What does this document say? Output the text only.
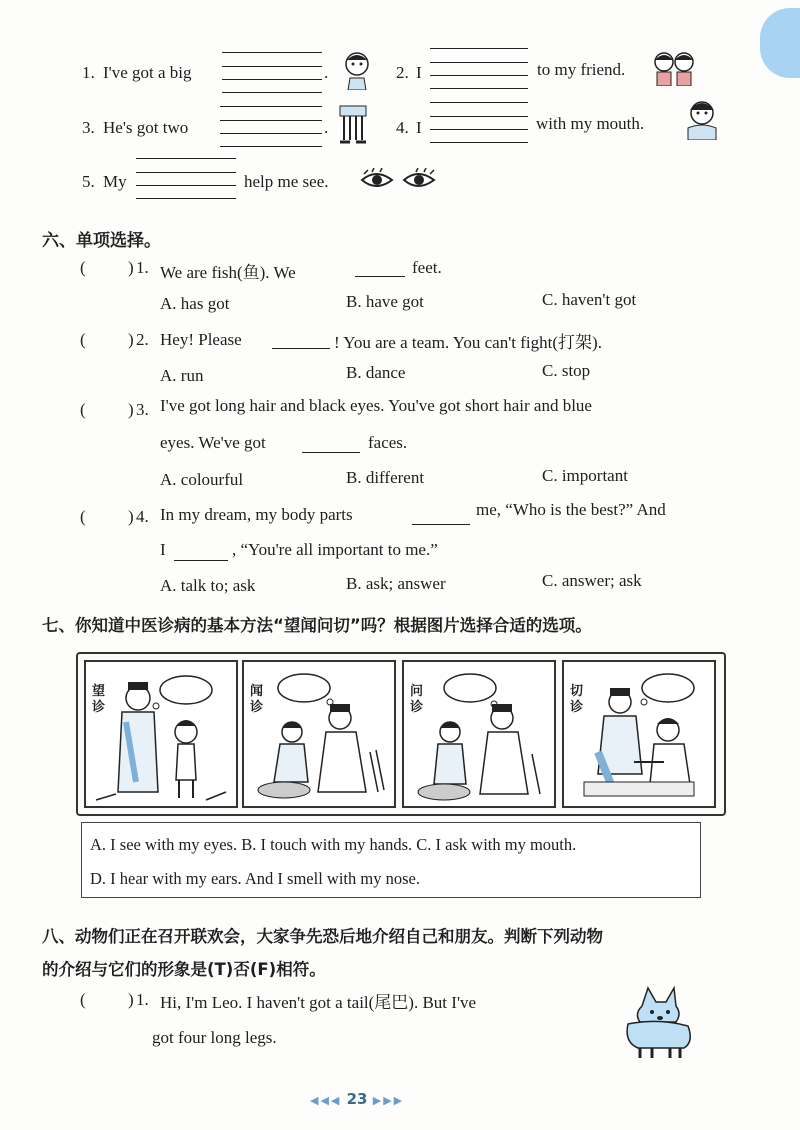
1. I've got a big	.	2. I	to my friend.
3. He's got two	.	4. I	with my mouth.
5. My	help me see.
六、单项选择。
( ) 1. We are fish(鱼). We	feet.
A. has got	B. have got	C. haven't got
( ) 2. Hey! Please	! You are a team. You can't fight(打架).
A. run	B. dance	C. stop
( ) 3. I've got long hair and black eyes. You've got short hair and blue
eyes. We've got	faces.
A. colourful	B. different	C. important
( ) 4. In my dream, my body parts	me, “Who is the best?” And
I	, “You're all important to me.”
A. talk to; ask	B. ask; answer	C. answer; ask
七、你知道中医诊病的基本方法“望闻问切”吗？根据图片选择合适的选项。
望诊
闻诊
问诊
切诊
A. I see with my eyes. B. I touch with my hands. C. I ask with my mouth.
D. I hear with my ears. And I smell with my nose.
八、动物们正在召开联欢会，大家争先恐后地介绍自己和朋友。判断下列动物
的介绍与它们的形象是(T)否(F)相符。
( ) 1. Hi, I'm Leo. I haven't got a tail(尾巴). But I've
got four long legs.
◀◀◀ 23 ▶▶▶
